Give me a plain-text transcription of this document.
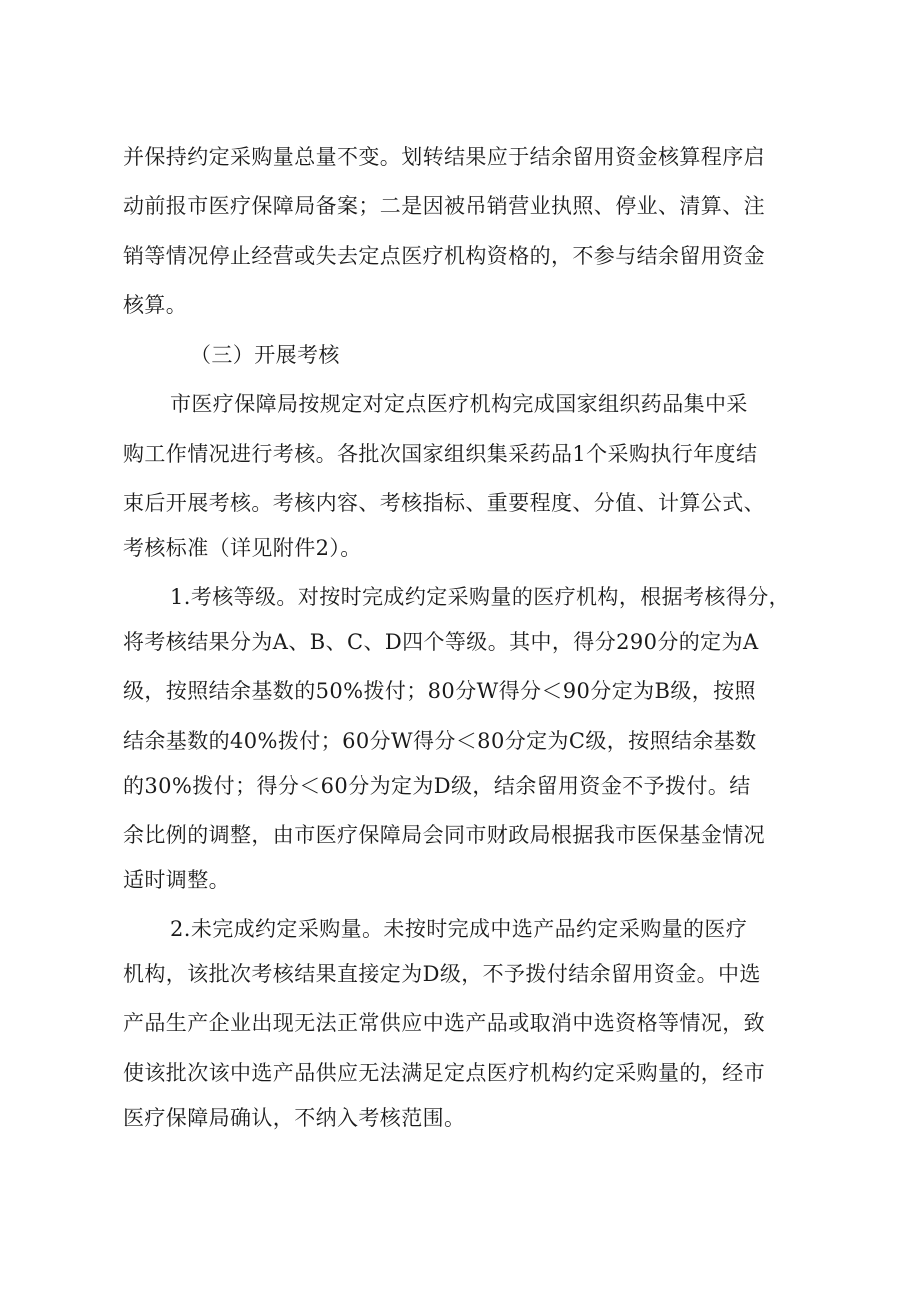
并保持约定采购量总量不变。划转结果应于结余留用资金核算程序启
动前报市医疗保障局备案；二是因被吊销营业执照、停业、清算、注
销等情况停止经营或失去定点医疗机构资格的，不参与结余留用资金
核算。
（三）开展考核
市医疗保障局按规定对定点医疗机构完成国家组织药品集中采
购工作情况进行考核。各批次国家组织集采药品1个采购执行年度结
束后开展考核。考核内容、考核指标、重要程度、分值、计算公式、
考核标准（详见附件2）。
1.考核等级。对按时完成约定采购量的医疗机构，根据考核得分，
将考核结果分为A、B、C、D四个等级。其中，得分290分的定为A
级，按照结余基数的50%拨付；80分W得分＜90分定为B级，按照
结余基数的40%拨付；60分W得分＜80分定为C级，按照结余基数
的30%拨付；得分＜60分为定为D级，结余留用资金不予拨付。结
余比例的调整，由市医疗保障局会同市财政局根据我市医保基金情况
适时调整。
2.未完成约定采购量。未按时完成中选产品约定采购量的医疗
机构，该批次考核结果直接定为D级，不予拨付结余留用资金。中选
产品生产企业出现无法正常供应中选产品或取消中选资格等情况，致
使该批次该中选产品供应无法满足定点医疗机构约定采购量的，经市
医疗保障局确认，不纳入考核范围。
